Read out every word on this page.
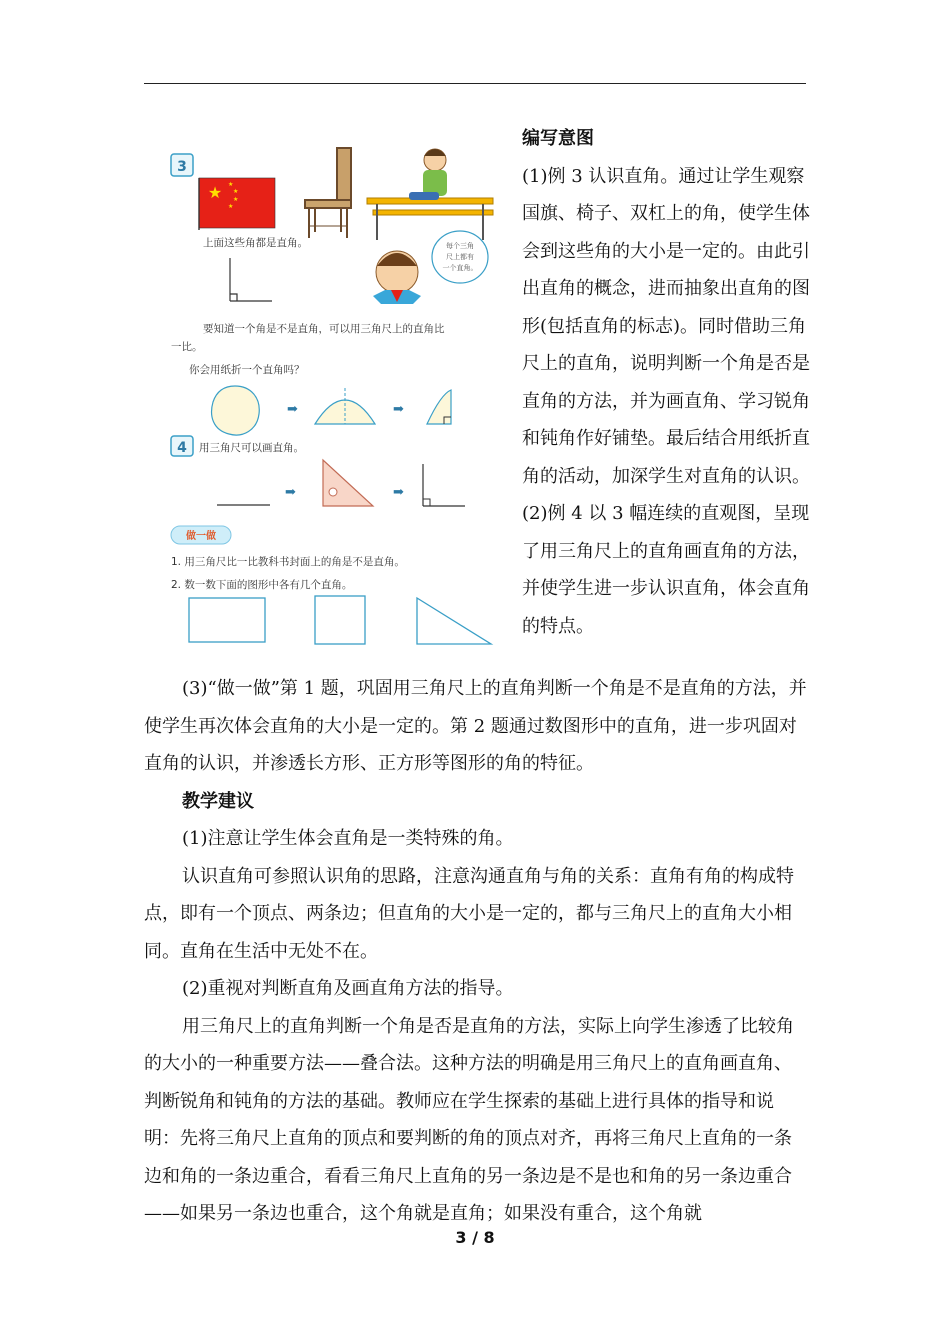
3
★ ★
★
★
★
上面这些角都是直角。	每个三角
尺上都有
一个直角。
要知道一个角是不是直角，可以用三角尺上的直角比
一比。
你会用纸折一个直角吗？
➡	➡
4 用三角尺可以画直角。
➡	➡
做一做
1. 用三角尺比一比教科书封面上的角是不是直角。
2. 数一数下面的图形中各有几个直角。

编写意图

(1)例 3 认识直角。通过让学生观察国旗、椅子、双杠上的角，使学生体会到这些角的大小是一定的。由此引出直角的概念，进而抽象出直角的图形(包括直角的标志)。同时借助三角尺上的直角，说明判断一个角是否是直角的方法，并为画直角、学习锐角和钝角作好铺垫。最后结合用纸折直角的活动，加深学生对直角的认识。

(2)例 4 以 3 幅连续的直观图，呈现了用三角尺上的直角画直角的方法，并使学生进一步认识直角，体会直角的特点。

(3)“做一做”第 1 题，巩固用三角尺上的直角判断一个角是不是直角的方法，并使学生再次体会直角的大小是一定的。第 2 题通过数图形中的直角，进一步巩固对直角的认识，并渗透长方形、正方形等图形的角的特征。

教学建议

(1)注意让学生体会直角是一类特殊的角。

认识直角可参照认识角的思路，注意沟通直角与角的关系：直角有角的构成特点，即有一个顶点、两条边；但直角的大小是一定的，都与三角尺上的直角大小相同。直角在生活中无处不在。

(2)重视对判断直角及画直角方法的指导。

用三角尺上的直角判断一个角是否是直角的方法，实际上向学生渗透了比较角的大小的一种重要方法——叠合法。这种方法的明确是用三角尺上的直角画直角、判断锐角和钝角的方法的基础。教师应在学生探索的基础上进行具体的指导和说明：先将三角尺上直角的顶点和要判断的角的顶点对齐，再将三角尺上直角的一条边和角的一条边重合，看看三角尺上直角的另一条边是不是也和角的另一条边重合——如果另一条边也重合，这个角就是直角；如果没有重合，这个角就

3 / 8
